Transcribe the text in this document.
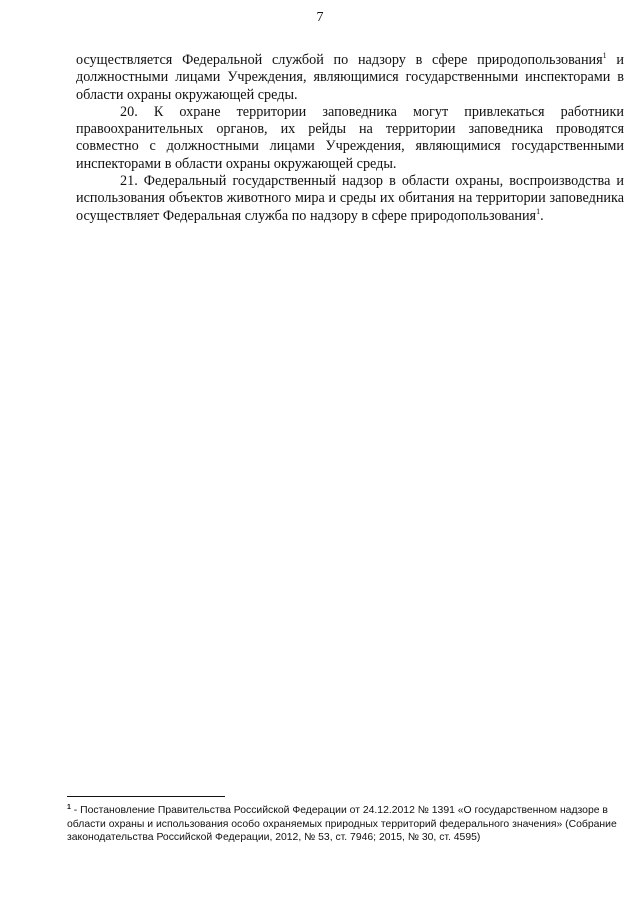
7

осуществляется Федеральной службой по надзору в сфере природопользования$^1$ и должностными лицами Учреждения, являющимися государственными инспекторами в области охраны окружающей среды.

20. К охране территории заповедника могут привлекаться работники правоохранительных органов, их рейды на территории заповедника проводятся совместно с должностными лицами Учреждения, являющимися государственными инспекторами в области охраны окружающей среды.

21. Федеральный государственный надзор в области охраны, воспроизводства и использования объектов животного мира и среды их обитания на территории заповедника осуществляет Федеральная служба по надзору в сфере природопользования$^1$.

$^1$ - Постановление Правительства Российской Федерации от 24.12.2012 № 1391 «О государственном надзоре в области охраны и использования особо охраняемых природных территорий федерального значения» (Собрание законодательства Российской Федерации, 2012, № 53, ст. 7946; 2015, № 30, ст. 4595)
